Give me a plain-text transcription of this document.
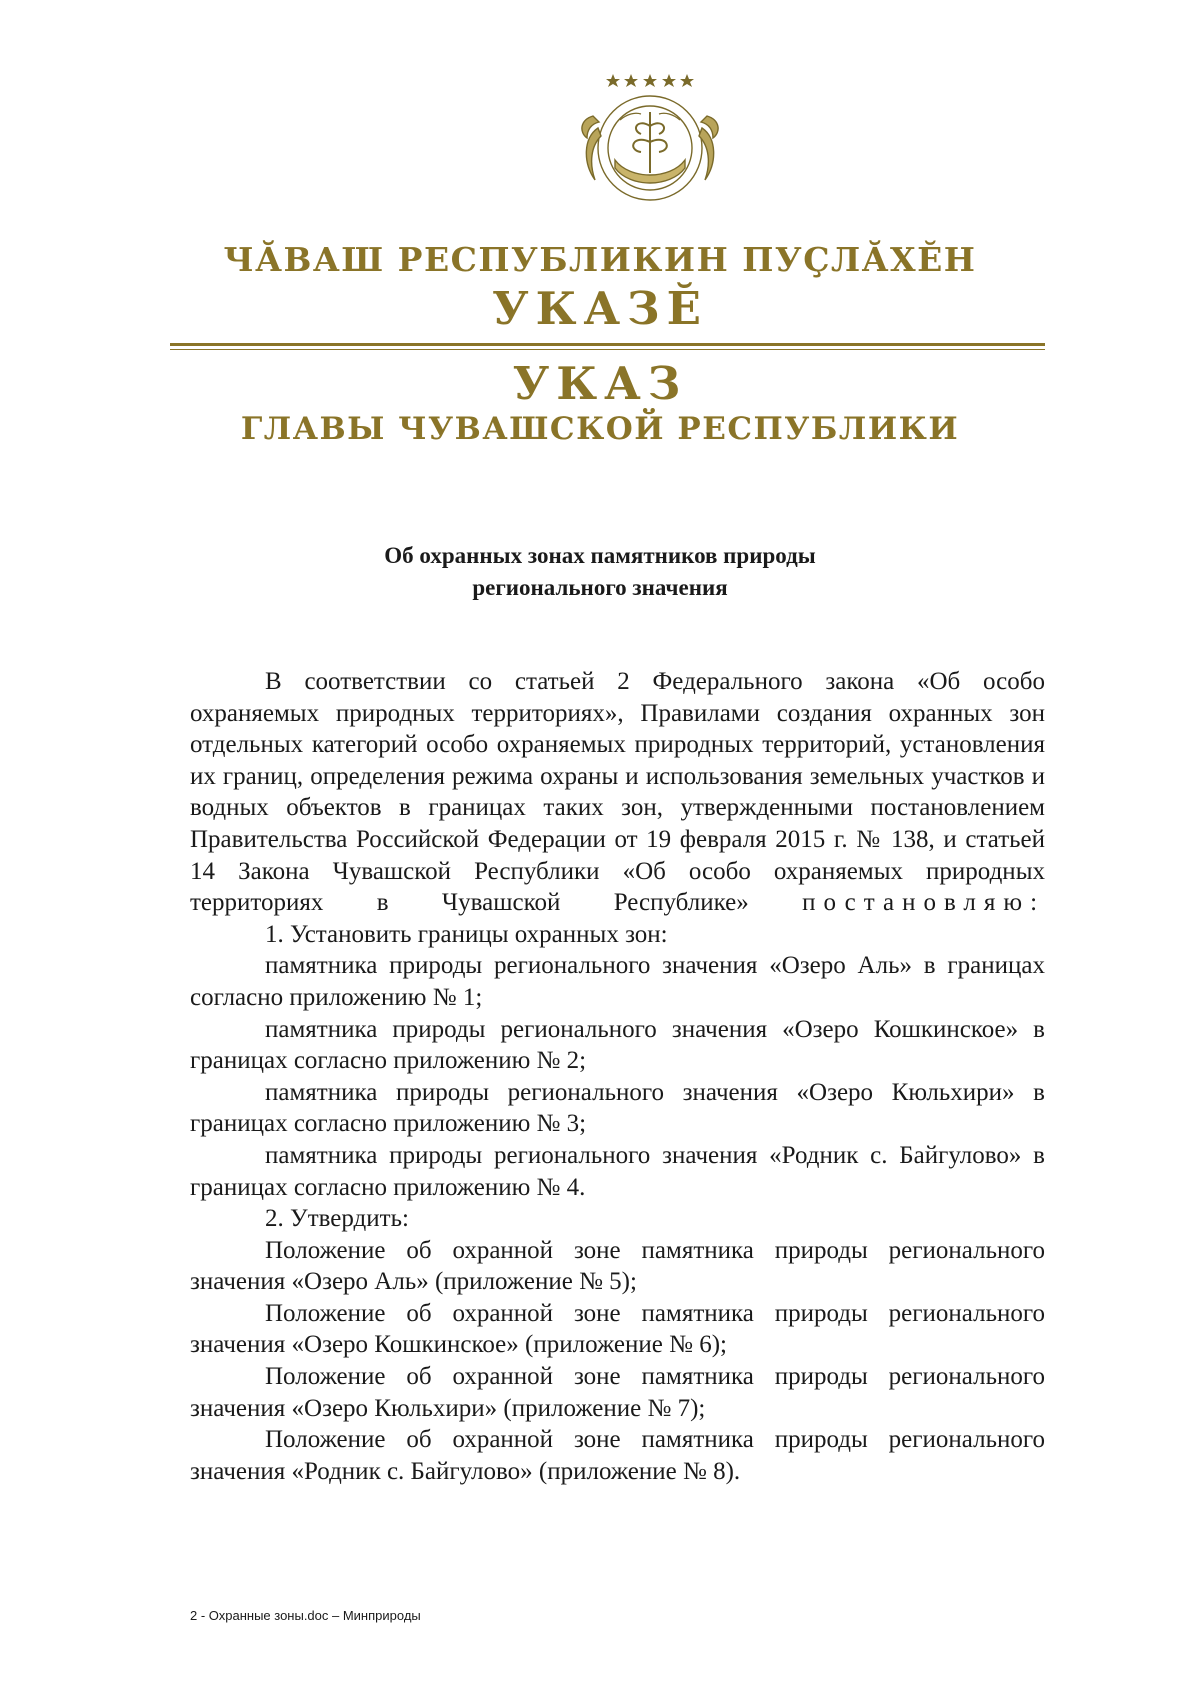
ЧӐВАШ РЕСПУБЛИКИН ПУҪЛӐХӖН
УКАЗӖ
УКАЗ
ГЛАВЫ ЧУВАШСКОЙ РЕСПУБЛИКИ
Об охранных зонах памятников природы
регионального значения

В соответствии со статьей 2 Федерального закона «Об особо охраняемых природных территориях», Правилами создания охранных зон отдельных категорий особо охраняемых природных территорий, установления их границ, определения режима охраны и использования земельных участков и водных объектов в границах таких зон, утвержденными постановлением Правительства Российской Федерации от 19 февраля 2015 г. № 138, и статьей 14 Закона Чувашской Республики «Об особо охраняемых природных территориях в Чувашской Республике» постановляю:

1. Установить границы охранных зон:

памятника природы регионального значения «Озеро Аль» в границах согласно приложению № 1;

памятника природы регионального значения «Озеро Кошкинское» в границах согласно приложению № 2;

памятника природы регионального значения «Озеро Кюльхири» в границах согласно приложению № 3;

памятника природы регионального значения «Родник с. Байгулово» в границах согласно приложению № 4.

2. Утвердить:

Положение об охранной зоне памятника природы регионального значения «Озеро Аль» (приложение № 5);

Положение об охранной зоне памятника природы регионального значения «Озеро Кошкинское» (приложение № 6);

Положение об охранной зоне памятника природы регионального значения «Озеро Кюльхири» (приложение № 7);

Положение об охранной зоне памятника природы регионального значения «Родник с. Байгулово» (приложение № 8).

2 - Охранные зоны.doc – Минприроды
